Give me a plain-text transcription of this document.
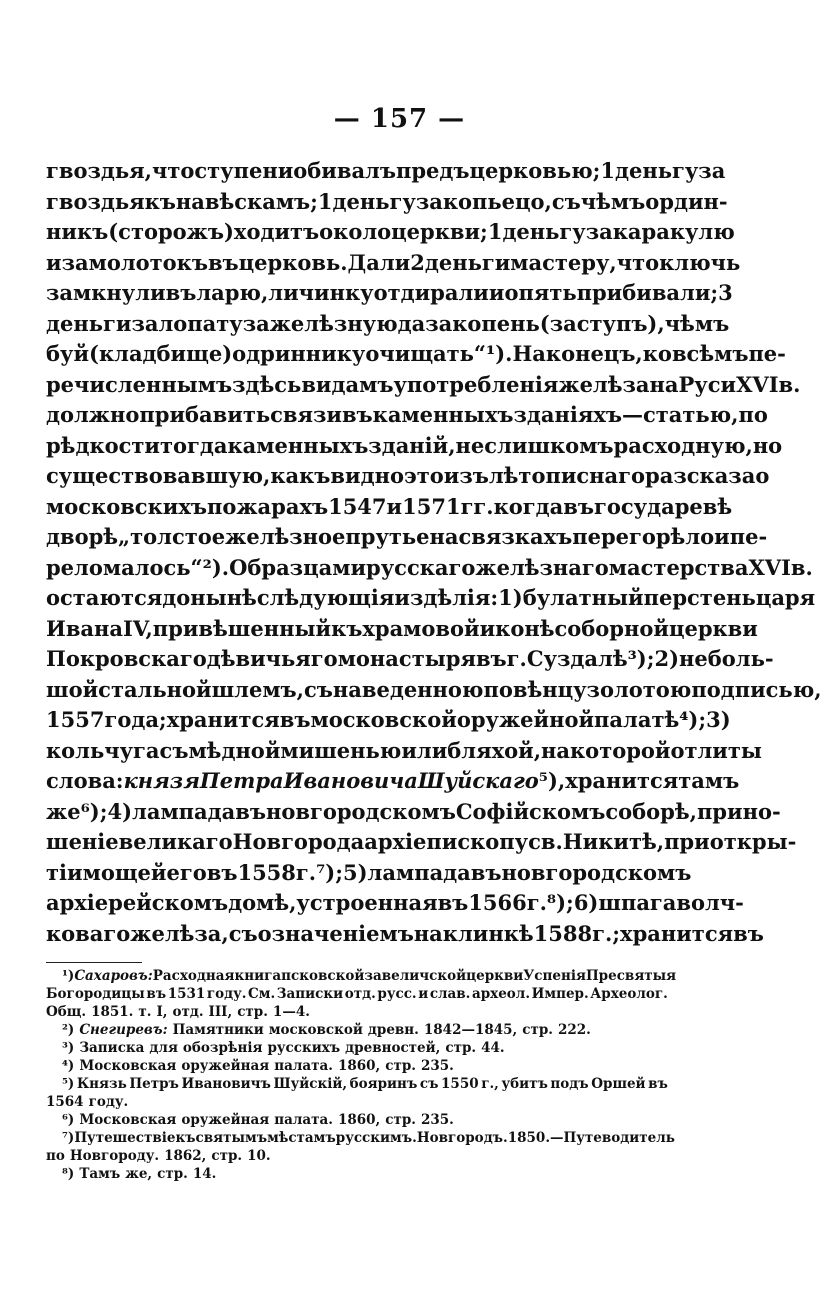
— 157 —
гвоздья, что ступени обивалъ предъ церковью; 1 деньгу за
гвоздья къ навѣскамъ; 1 деньгу за копьецо, съ чѣмъ ордин-
никъ (сторожъ) ходитъ около церкви; 1 деньгу за каракулю
и за молотокъ въ церковь. Дали 2 деньги мастеру, что ключь
замкнули въ ларю, личинку отдирали и опять прибивали; 3
деньги за лопату за желѣзную да за копень (заступъ), чѣмъ
буй (кладбище) одриннику очищать“ ¹). Наконецъ, ко всѣмъ пе-
речисленнымъ здѣсь видамъ употребленія желѣза на Руси XVI в.
должно прибавить связи въ каменныхъ зданіяхъ — статью, по
рѣдкости тогда каменныхъ зданій, не слишкомъ расходную, но
существовавшую, какъ видно это изъ лѣтописнаго разсказа о
московскихъ пожарахъ 1547 и 1571 гг. когда въ государевѣ
дворѣ „толстое желѣзное прутье на связкахъ перегорѣло и пе-
реломалось“ ²). Образцами русскаго желѣзнаго мастерства XVI в.
остаются донынѣ слѣдующія издѣлія: 1) булатный перстень царя
Ивана IV, привѣшенный къ храмовой иконѣ соборной церкви
Покровскаго дѣвичьяго монастыря въ г. Суздалѣ ³); 2) неболь-
шой стальной шлемъ, съ наведенною по вѣнцу золотою подписью,
1557 года; хранится въ московской оружейной палатѣ ⁴); 3)
кольчуга съ мѣдной мишенью или бляхой, на которой отлиты
слова: князя Петра Ивановича Шуйскаго ⁵), хранится тамъ
же ⁶); 4) лампада въ новгородскомъ Софійскомъ соборѣ, прино-
шеніе великаго Новгорода архіепископу св. Никитѣ, при откры-
тіи мощей его въ 1558 г. ⁷); 5) лампада въ новгородскомъ
архіерейскомъ домѣ, устроенная въ 1566 г. ⁸); 6) шпага волч-
коваго желѣза, съ означеніемъ на клинкѣ 1588 г.; хранится въ
¹) Сахаровъ: Расходная книга псковской завеличской церкви Успенія Пресвятыя
Богородицы въ 1531 году. См. Записки отд. русс. и слав. археол. Импер. Археолог.
Общ. 1851. т. I, отд. III, стр. 1—4.
²) Снегиревъ: Памятники московской древн. 1842—1845, стр. 222.
³) Записка для обозрѣнія русскихъ древностей, стр. 44.
⁴) Московская оружейная палата. 1860, стр. 235.
⁵) Князь Петръ Ивановичъ Шуйскій, бояринъ съ 1550 г., убитъ подъ Оршей въ
1564 году.
⁶) Московская оружейная палата. 1860, стр. 235.
⁷) Путешествіе къ святымъ мѣстамъ русскимъ. Новгородъ. 1850.—Путеводитель
по Новгороду. 1862, стр. 10.
⁸) Тамъ же, стр. 14.
